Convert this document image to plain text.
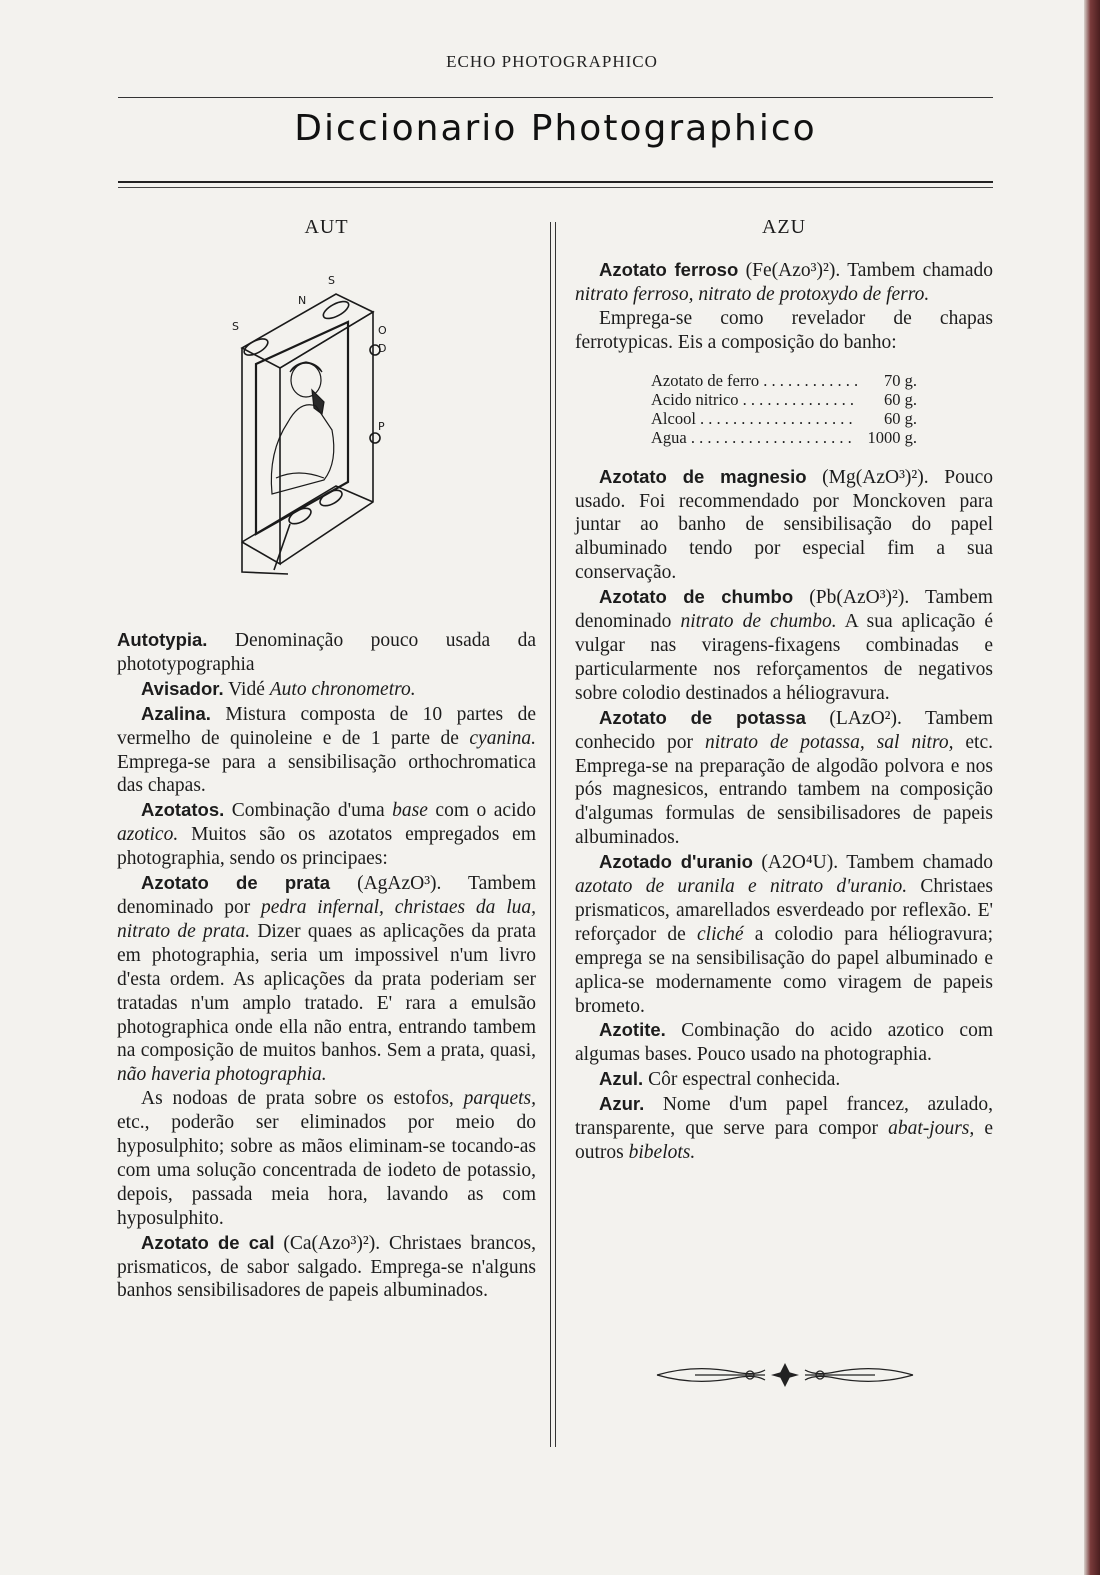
ECHO PHOTOGRAPHICO
Diccionario Photographico
AUT	AZU
S
N
S	O
D
P

Autotypia. Denominação pouco usada da phototypographia

Avisador. Vidé Auto chronometro.

Azalina. Mistura composta de 10 partes de vermelho de quinoleine e de 1 parte de cyanina. Emprega-se para a sensibilisação orthochromatica das chapas.

Azotatos. Combinação d'uma base com o acido azotico. Muitos são os azotatos empregados em photographia, sendo os principaes:

Azotato de prata (AgAzO³). Tambem denominado por pedra infernal, christaes da lua, nitrato de prata. Dizer quaes as aplicações da prata em photographia, seria um impossivel n'um livro d'esta ordem. As aplicações da prata poderiam ser tratadas n'um amplo tratado. E' rara a emulsão photographica onde ella não entra, entrando tambem na composição de muitos banhos. Sem a prata, quasi, não haveria photographia.

As nodoas de prata sobre os estofos, parquets, etc., poderão ser eliminados por meio do hyposulphito; sobre as mãos eliminam-se tocando-as com uma solução concentrada de iodeto de potassio, depois, passada meia hora, lavando as com hyposulphito.

Azotato de cal (Ca(Azo³)²). Christaes brancos, prismaticos, de sabor salgado. Emprega-se n'alguns banhos sensibilisadores de papeis albuminados.

Azotato ferroso (Fe(Azo³)²). Tambem chamado nitrato ferroso, nitrato de protoxydo de ferro.

Emprega-se como revelador de chapas ferrotypicas. Eis a composição do banho:

Azotato de ferro . . .	70 g.
Acido nitrico . . .	60 g.
Alcool . . .	60 g.
Agua . . .	1000 g.

Azotato de magnesio (Mg(AzO³)²). Pouco usado. Foi recommendado por Monckoven para juntar ao banho de sensibilisação do papel albuminado tendo por especial fim a sua conservação.

Azotato de chumbo (Pb(AzO³)²). Tambem denominado nitrato de chumbo. A sua aplicação é vulgar nas viragens-fixagens combinadas e particularmente nos reforçamentos de negativos sobre colodio destinados a héliogravura.

Azotato de potassa (LAzO²). Tambem conhecido por nitrato de potassa, sal nitro, etc. Emprega-se na preparação de algodão polvora e nos pós magnesicos, entrando tambem na composição d'algumas formulas de sensibilisadores de papeis albuminados.

Azotado d'uranio (A2O⁴U). Tambem chamado azotato de uranila e nitrato d'uranio. Christaes prismaticos, amarellados esverdeado por reflexão. E' reforçador de cliché a colodio para héliogravura; emprega se na sensibilisação do papel albuminado e aplica-se modernamente como viragem de papeis brometo.

Azotite. Combinação do acido azotico com algumas bases. Pouco usado na photographia.

Azul. Côr espectral conhecida.

Azur. Nome d'um papel francez, azulado, transparente, que serve para compor abat-jours, e outros bibelots.
